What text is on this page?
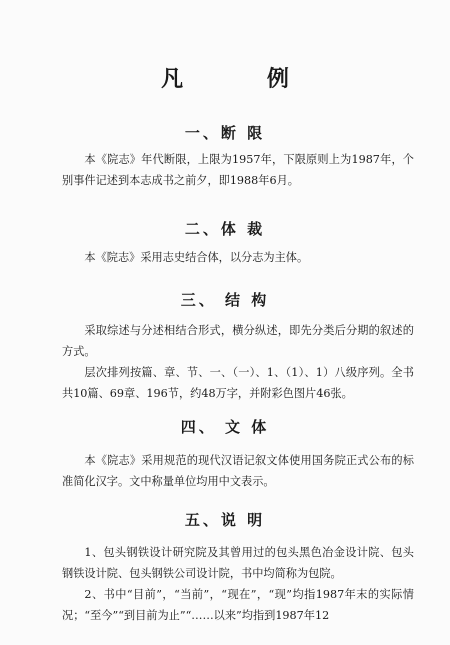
凡 例
一、断 限

本《院志》年代断限，上限为1957年，下限原则上为1987年，个别事件记述到本志成书之前夕，即1988年6月。

二、体 裁

本《院志》采用志史结合体，以分志为主体。

三、 结 构

采取综述与分述相结合形式，横分纵述，即先分类后分期的叙述的方式。

层次排列按篇、章、节、一、（一）、1、（1）、1）八级序列。全书共10篇、69章、196节，约48万字，并附彩色图片46张。

四、 文 体

本《院志》采用规范的现代汉语记叙文体使用国务院正式公布的标准简化汉字。文中称量单位均用中文表示。

五、说 明

1、包头钢铁设计研究院及其曾用过的包头黑色冶金设计院、包头钢铁设计院、包头钢铁公司设计院，书中均简称为包院。

2、书中“目前”，“当前”，“现在”，“现”均指1987年末的实际情况；“至今”“到目前为止”“……以来”均指到1987年12
